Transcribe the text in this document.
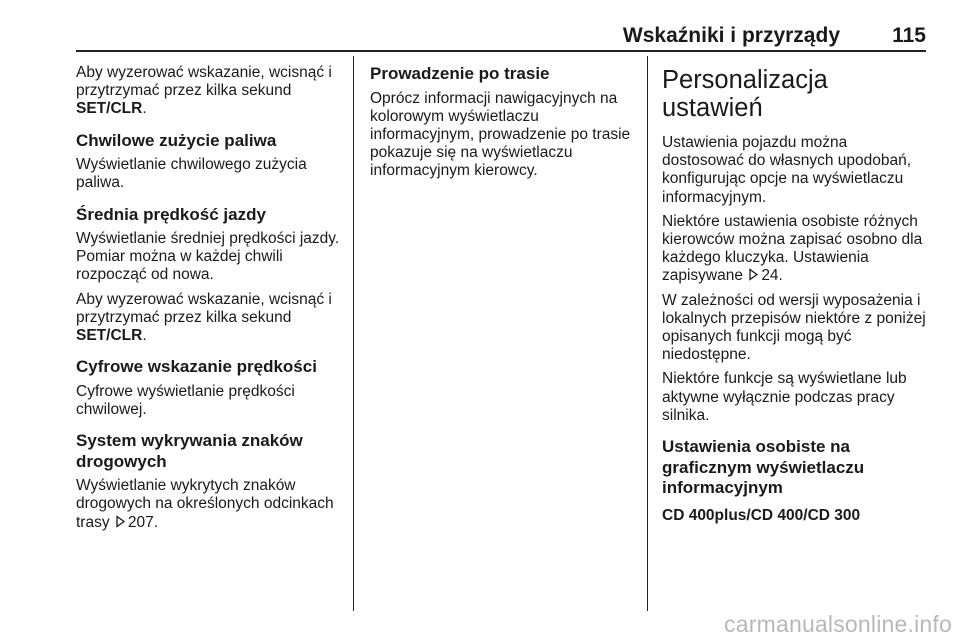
Wskaźniki i przyrządy 115

Aby wyzerować wskazanie, wcisnąć i przytrzymać przez kilka sekund
SET/CLR.

Chwilowe zużycie paliwa

Wyświetlanie chwilowego zużycia paliwa.

Średnia prędkość jazdy

Wyświetlanie średniej prędkości jazdy. Pomiar można w każdej chwili rozpocząć od nowa.

Aby wyzerować wskazanie, wcisnąć i przytrzymać przez kilka sekund
SET/CLR.

Cyfrowe wskazanie prędkości

Cyfrowe wyświetlanie prędkości chwilowej.

System wykrywania znaków drogowych

Wyświetlanie wykrytych znaków drogowych na określonych odcinkach trasy 207.

Prowadzenie po trasie

Oprócz informacji nawigacyjnych na kolorowym wyświetlaczu informacyjnym, prowadzenie po trasie pokazuje się na wyświetlaczu informacyjnym kierowcy.

Personalizacja ustawień

Ustawienia pojazdu można dostosować do własnych upodobań, konfigurując opcje na wyświetlaczu informacyjnym.

Niektóre ustawienia osobiste różnych kierowców można zapisać osobno dla każdego kluczyka. Ustawienia zapisywane 24.

W zależności od wersji wyposażenia i lokalnych przepisów niektóre z poniżej opisanych funkcji mogą być niedostępne.

Niektóre funkcje są wyświetlane lub aktywne wyłącznie podczas pracy silnika.

Ustawienia osobiste na graficznym wyświetlaczu informacyjnym
CD 400plus/CD 400/CD 300
carmanualsonline.info
